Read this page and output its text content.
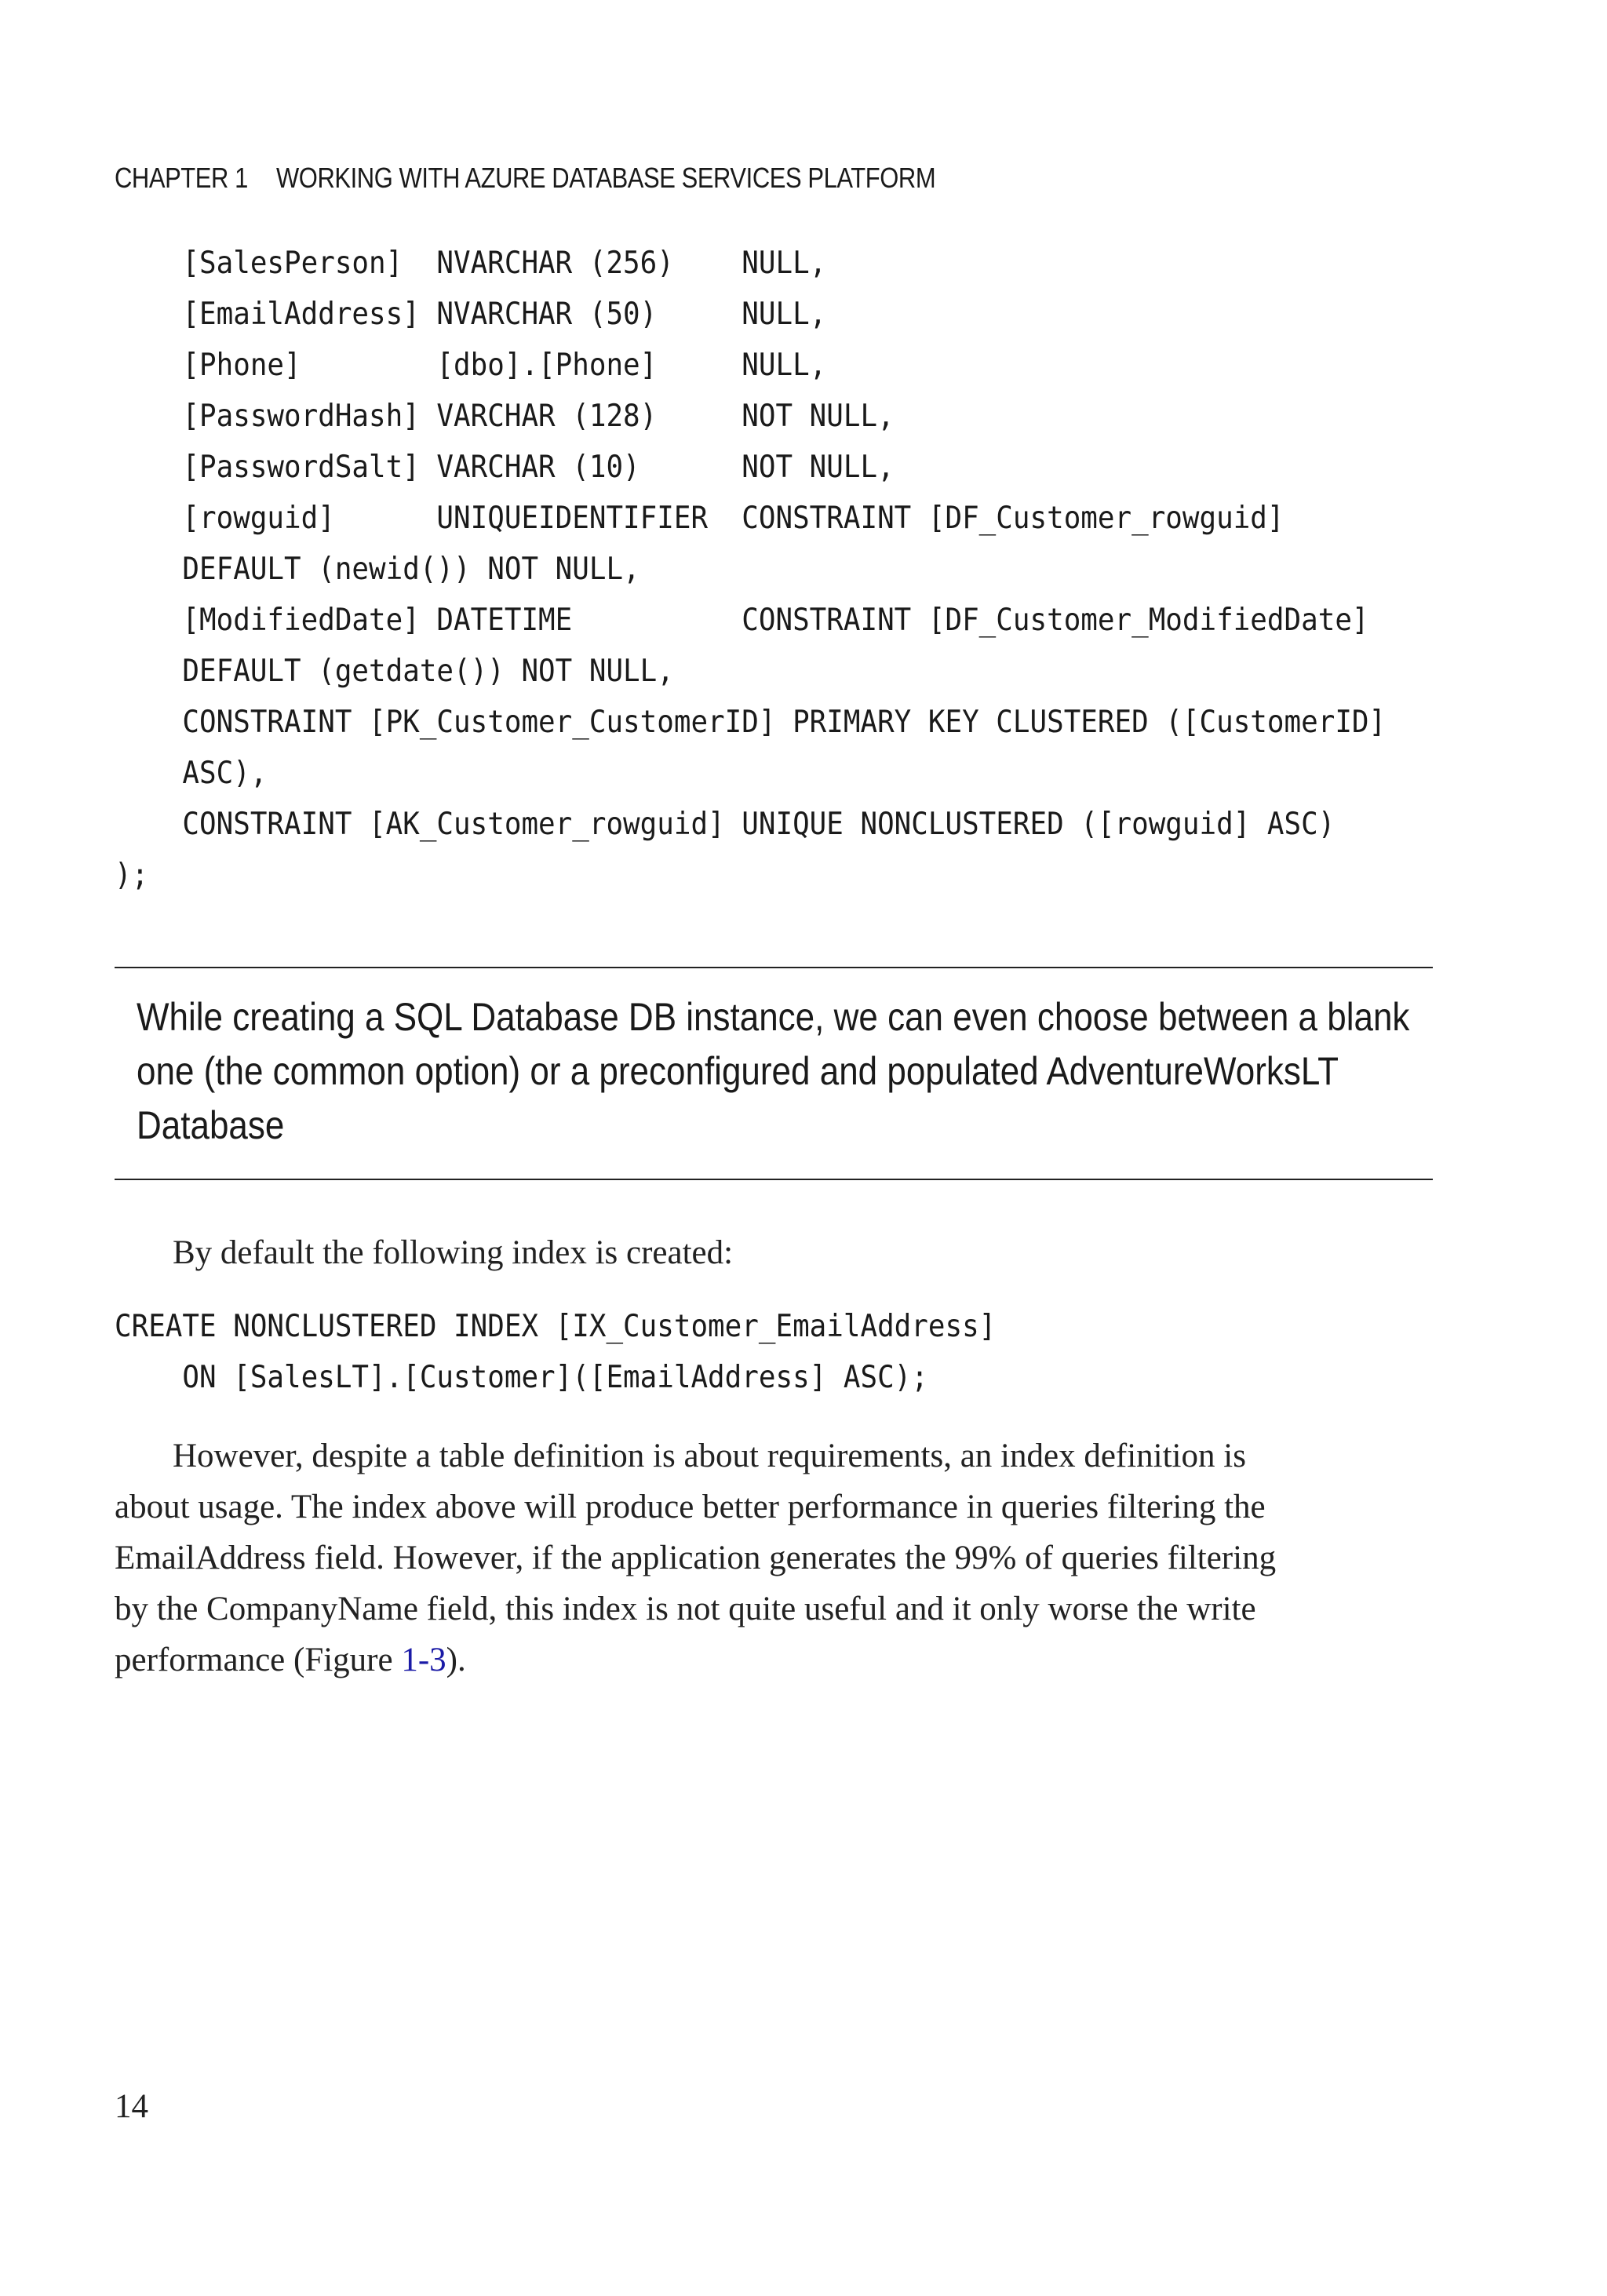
CHAPTER 1 WORKING WITH AZURE DATABASE SERVICES PLATFORM
[SalesPerson]  NVARCHAR (256)    NULL,
[EmailAddress] NVARCHAR (50)     NULL,
[Phone]        [dbo].[Phone]     NULL,
[PasswordHash] VARCHAR (128)     NOT NULL,
[PasswordSalt] VARCHAR (10)      NOT NULL,
[rowguid]      UNIQUEIDENTIFIER  CONSTRAINT [DF_Customer_rowguid]
DEFAULT (newid()) NOT NULL,
[ModifiedDate] DATETIME          CONSTRAINT [DF_Customer_ModifiedDate]
DEFAULT (getdate()) NOT NULL,
CONSTRAINT [PK_Customer_CustomerID] PRIMARY KEY CLUSTERED ([CustomerID]
ASC),
CONSTRAINT [AK_Customer_rowguid] UNIQUE NONCLUSTERED ([rowguid] ASC)
);
While creating a SQL Database DB instance, we can even choose between a blank
one (the common option) or a preconfigured and populated AdventureWorksLT
Database
By default the following index is created:
CREATE NONCLUSTERED INDEX [IX_Customer_EmailAddress]
ON [SalesLT].[Customer]([EmailAddress] ASC);
However, despite a table definition is about requirements, an index definition is
about usage. The index above will produce better performance in queries filtering the
EmailAddress field. However, if the application generates the 99% of queries filtering
by the CompanyName field, this index is not quite useful and it only worse the write
performance (Figure 1-3).
14
